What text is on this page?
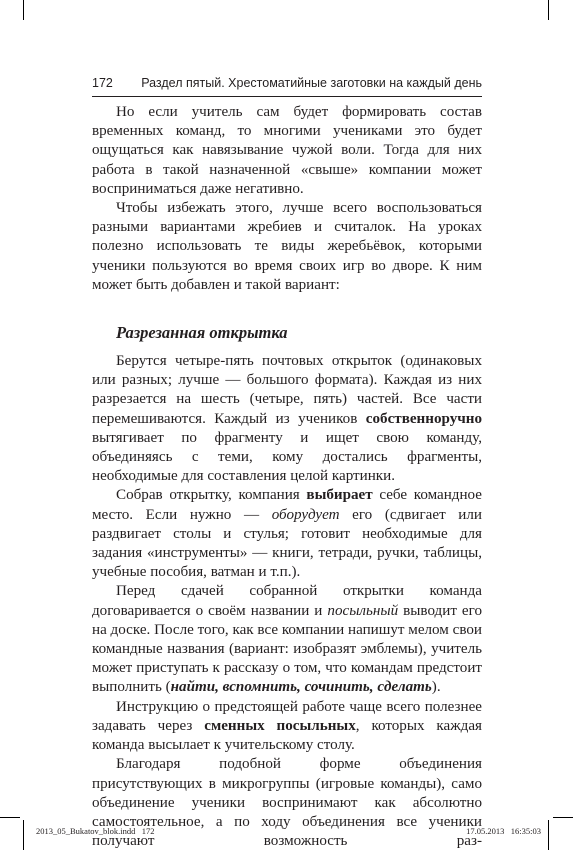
172 Раздел пятый. Хрестоматийные заготовки на каждый день

Но если учитель сам будет формировать состав временных команд, то многими учениками это будет ощущаться как навязывание чужой воли. Тогда для них работа в такой назначенной «свыше» компании может восприниматься даже негативно.

Чтобы избежать этого, лучше всего воспользоваться разными вариантами жребиев и считалок. На уроках полезно использовать те виды жеребьёвок, которыми ученики пользуются во время своих игр во дворе. К ним может быть добавлен и такой вариант:

Разрезанная открытка

Берутся четыре-пять почтовых открыток (одинаковых или разных; лучше — большого формата). Каждая из них разрезается на шесть (четыре, пять) частей. Все части перемешиваются. Каждый из учеников собственноручно вытягивает по фрагменту и ищет свою команду, объединяясь с теми, кому достались фрагменты, необходимые для составления целой картинки.

Собрав открытку, компания выбирает себе командное место. Если нужно — оборудует его (сдвигает или раздвигает столы и стулья; готовит необходимые для задания «инструменты» — книги, тетради, ручки, таблицы, учебные пособия, ватман и т.п.).

Перед сдачей собранной открытки команда договаривается о своём названии и посыльный выводит его на доске. После того, как все компании напишут мелом свои командные названия (вариант: изобразят эмблемы), учитель может приступать к рассказу о том, что командам предстоит выполнить (найти, вспомнить, сочинить, сделать).

Инструкцию о предстоящей работе чаще всего полезнее задавать через сменных посыльных, которых каждая команда высылает к учительскому столу.

Благодаря подобной форме объединения присутствующих в микрогруппы (игровые команды), само объединение ученики воспринимают как абсолютно самостоятельное, а по ходу объединения все ученики получают возможность раз-

2013_05_Bukatov_blok.indd   172	17.05.2013   16:35:03
